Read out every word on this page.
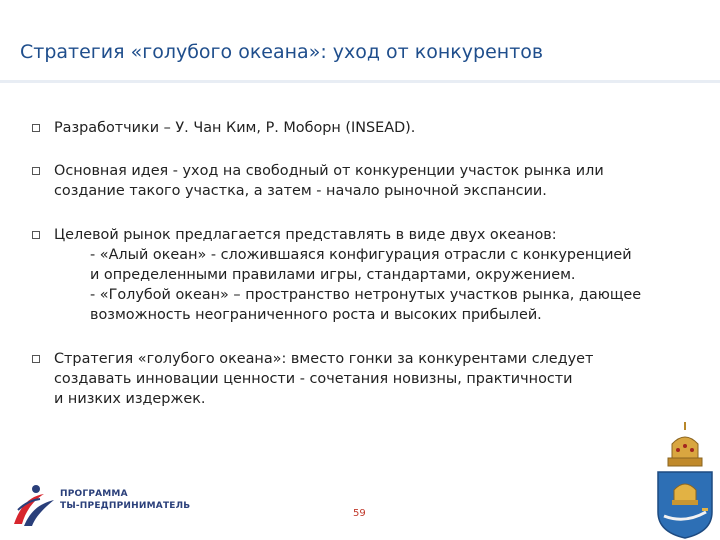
Стратегия «голубого океана»: уход от конкурентов
Разработчики – У. Чан Ким, Р. Моборн (INSEAD).
Основная идея - уход на свободный от конкуренции участок рынка или
создание такого участка, а затем - начало рыночной экспансии.
Целевой рынок предлагается представлять в виде двух океанов:
- «Алый океан» - сложившаяся конфигурация отрасли с конкуренцией
и определенными правилами игры, стандартами, окружением.
- «Голубой океан» – пространство нетронутых участков рынка, дающее
возможность неограниченного роста и высоких прибылей.
Стратегия «голубого океана»: вместо гонки за конкурентами следует
создавать инновации ценности - сочетания новизны, практичности
и низких издержек.
ПРОГРАММА
ТЫ-ПРЕДПРИНИМАТЕЛЬ
59
